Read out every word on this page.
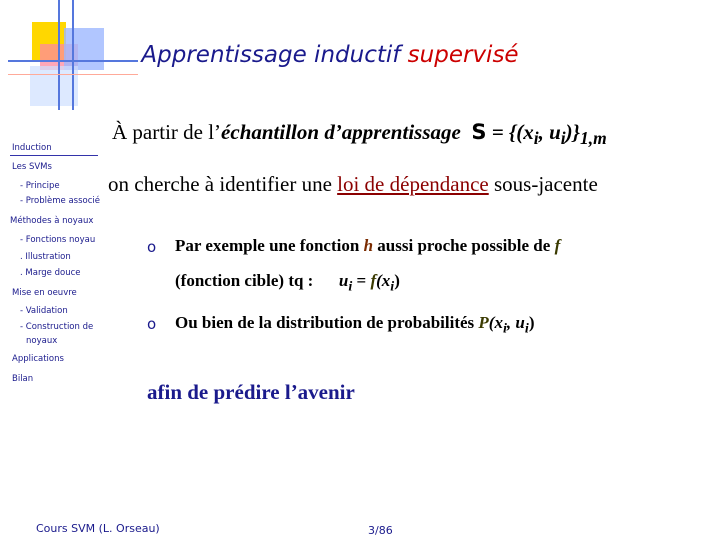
Apprentissage inductif supervisé
Induction
Les SVMs
- Principe
- Problème associé
Méthodes à noyaux
- Fonctions noyau
. Illustration
. Marge douce
Mise en oeuvre
- Validation
- Construction de
noyaux
Applications
Bilan
À partir de l’échantillon d’apprentissage $S = \{(x_i$, $u_i)\}_{1,m}$
on cherche à identifier une loi de dépendance sous-jacente
o Par exemple une fonction h aussi proche possible de f
(fonction cible) tq : $u_i = f(x_i)$
o Ou bien de la distribution de probabilités $P(x_i$, $u_i$)
afin de prédire l’avenir
Cours SVM (L. Orseau)	3/86
